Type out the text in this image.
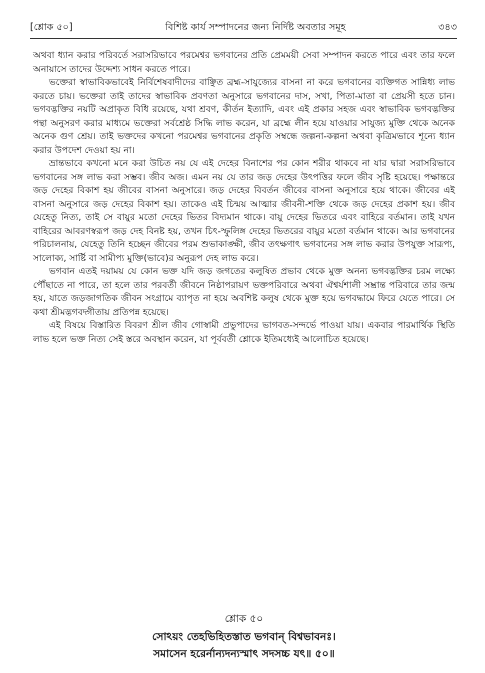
[শ্লোক ৫০]	বিশিষ্ট কার্য সম্পাদনের জন্য নির্দিষ্ট অবতার সমূহ	৩৪৩

অথবা ধ্যান করার পরিবর্তে সরাসরিভাবে পরমেশ্বর ভগবানের প্রতি প্রেমময়ী সেবা সম্পাদন করতে পারে এবং তার ফলে অনায়াসে তাদের উদ্দেশ্য সাধন করতে পারে।

ভক্তেরা স্বাভাবিকভাবেই নির্বিশেষবাদীদের বাঞ্ছিত ব্রহ্ম-সাযুজ্যের বাসনা না করে ভগবানের ব্যক্তিগত সান্নিধ্য লাভ করতে চায়। ভক্তেরা তাই তাদের স্বাভাবিক প্রবণতা অনুসারে ভগবানের দাস, সখা, পিতা-মাতা বা প্রেয়সী হতে চান। ভগবদ্ভক্তির নয়টি অপ্রাকৃত বিধি রয়েছে, যথা শ্রবণ, কীর্তন ইত্যাদি, এবং এই প্রকার সহজ এবং স্বাভাবিক ভগবদ্ভক্তির পন্থা অনুসরণ করার মাধ্যমে ভক্তেরা সর্বশ্রেষ্ঠ সিদ্ধি লাভ করেন, যা ব্রহ্মে লীন হয়ে যাওয়ার সাযুজ্য মুক্তি থেকে অনেক অনেক গুণ শ্রেয়। তাই ভক্তদের কখনো পরমেশ্বর ভগবানের প্রকৃতি সম্বন্ধে জল্পনা-কল্পনা অথবা কৃত্রিমভাবে শূন্যে ধ্যান করার উপদেশ দেওয়া হয় না।

ভ্রান্তভাবে কখনো মনে করা উচিত নয় যে এই দেহের বিনাশের পর কোন শরীর থাকবে না যার দ্বারা সরাসরিভাবে ভগবানের সঙ্গ লাভ করা সম্ভব। জীব অজ। এমন নয় যে তার জড় দেহের উৎপত্তির ফলে জীব সৃষ্টি হয়েছে। পক্ষান্তরে জড় দেহের বিকাশ হয় জীবের বাসনা অনুসারে। জড় দেহের বিবর্তন জীবের বাসনা অনুসারে হয়ে থাকে। জীবের এই বাসনা অনুসারে জড় দেহের বিকাশ হয়। তাকেও এই চিন্ময় আত্মার জীবনী-শক্তি থেকে জড় দেহের প্রকাশ হয়। জীব যেহেতু নিত্য, তাই সে বায়ুর মতো দেহের ভিতর বিদ্যমান থাকে। বায়ু দেহের ভিতরে এবং বাহিরে বর্তমান। তাই যখন বাহিরের আবরণস্বরূপ জড় দেহ বিনষ্ট হয়, তখন চিৎ-স্ফুলিঙ্গ দেহের ভিতরের বায়ুর মতো বর্তমান থাকে। আর ভগবানের পরিচালনায়, যেহেতু তিনি হচ্ছেন জীবের পরম শুভাকাঙ্ক্ষী, জীব তৎক্ষণাৎ ভগবানের সঙ্গ লাভ করার উপযুক্ত সারূপ্য, সালোক্য, সার্ষ্টি বা সামীপ্য মুক্তি(ভাবে)র অনুরূপ দেহ লাভ করে।

ভগবান এতই দয়াময় যে কোন ভক্ত যদি জড় জগতের কলুষিত প্রভাব থেকে মুক্ত অনন্য ভগবদ্ভক্তির চরম লক্ষ্যে পৌঁছাতে না পারে, তা হলে তার পরবর্তী জীবনে নিষ্ঠাপরায়ণ ভক্তপরিবারে অথবা ঐশ্বর্যশালী সম্ভ্রান্ত পরিবারে তার জন্ম হয়, যাতে জড়জাগতিক জীবন সংগ্রামে ব্যাপৃত না হয়ে অবশিষ্ট কলুষ থেকে মুক্ত হয়ে ভগবদ্ধামে ফিরে যেতে পারে। সে কথা শ্রীমদ্ভগবদ্গীতায় প্রতিপন্ন হয়েছে।

এই বিষয়ে বিস্তারিত বিবরণ শ্রীল জীব গোস্বামী প্রভুপাদের ভাগবত-সন্দর্ভে পাওয়া যায়। একবার পারমার্থিক স্থিতি লাভ হলে ভক্ত নিত্য সেই স্তরে অবস্থান করেন, যা পূর্ববর্তী শ্লোকে ইতিমধ্যেই আলোচিত হয়েছে।

শ্লোক ৫০
সোঽয়ং তেহভিহিতস্তাত ভগবান্ বিশ্বভাবনঃ।
সমাসেন হরের্নান্যদন্যস্মাৎ সদসচ্চ যৎ॥ ৫০॥
